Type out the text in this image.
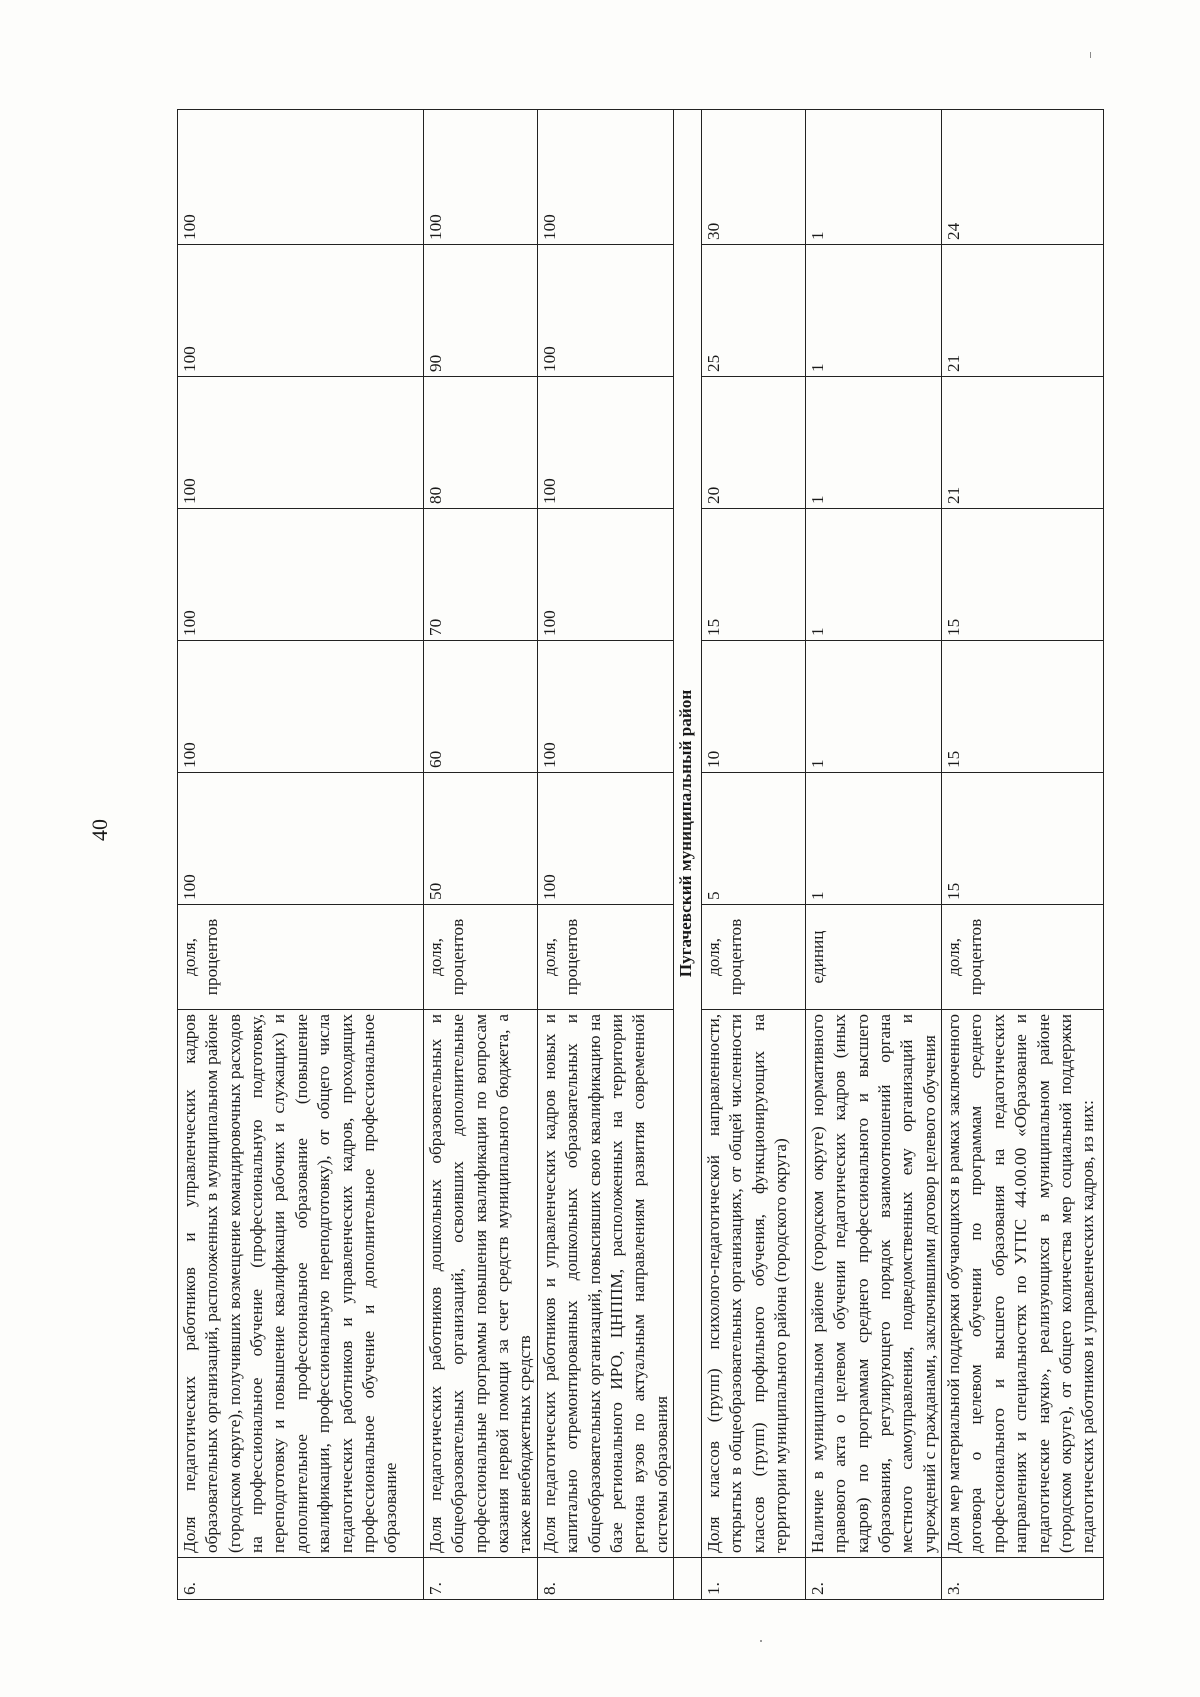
40
6.	Доля педагогических работников и управленческих кадров образовательных организаций, расположенных в муниципальном районе (городском округе), получивших возмещение командировочных расходов на профессиональное обучение (профессиональную подготовку, переподготовку и повышение квалификации рабочих и служащих) и дополнительное профессиональное образование (повышение квалификации, профессиональную переподготовку), от общего числа педагогических работников и управленческих кадров, проходящих профессиональное обучение и дополнительное профессиональное образование	доля, процентов	100	100	100	100	100	100
7.	Доля педагогических работников дошкольных образовательных и общеобразовательных организаций, освоивших дополнительные профессиональные программы повышения квалификации по вопросам оказания первой помощи за счет средств муниципального бюджета, а также внебюджетных средств	доля, процентов	50	60	70	80	90	100
8.	Доля педагогических работников и управленческих кадров новых и капитально отремонтированных дошкольных образовательных и общеобразовательных организаций, повысивших свою квалификацию на базе регионального ИРО, ЦНППМ, расположенных на территории региона вузов по актуальным направлениям развития современной системы образования	доля, процентов	100	100	100	100	100	100
	Пугачевский муниципальный район							
1.	Доля классов (групп) психолого-педагогической направленности, открытых в общеобразовательных организациях, от общей численности классов (групп) профильного обучения, функционирующих на территории муниципального района (городского округа)	доля, процентов	5	10	15	20	25	30
2.	Наличие в муниципальном районе (городском округе) нормативного правового акта о целевом обучении педагогических кадров (иных кадров) по программам среднего профессионального и высшего образования, регулирующего порядок взаимоотношений органа местного самоуправления, подведомственных ему организаций и учреждений с гражданами, заключившими договор целевого обучения	единиц	1	1	1	1	1	1
3.	Доля мер материальной поддержки обучающихся в рамках заключенного договора о целевом обучении по программам среднего профессионального и высшего образования на педагогических направлениях и специальностях по УГПС 44.00.00 «Образование и педагогические науки», реализующихся в муниципальном районе (городском округе), от общего количества мер социальной поддержки педагогических работников и управленческих кадров, из них:	доля, процентов	15	15	15	21	21	24
